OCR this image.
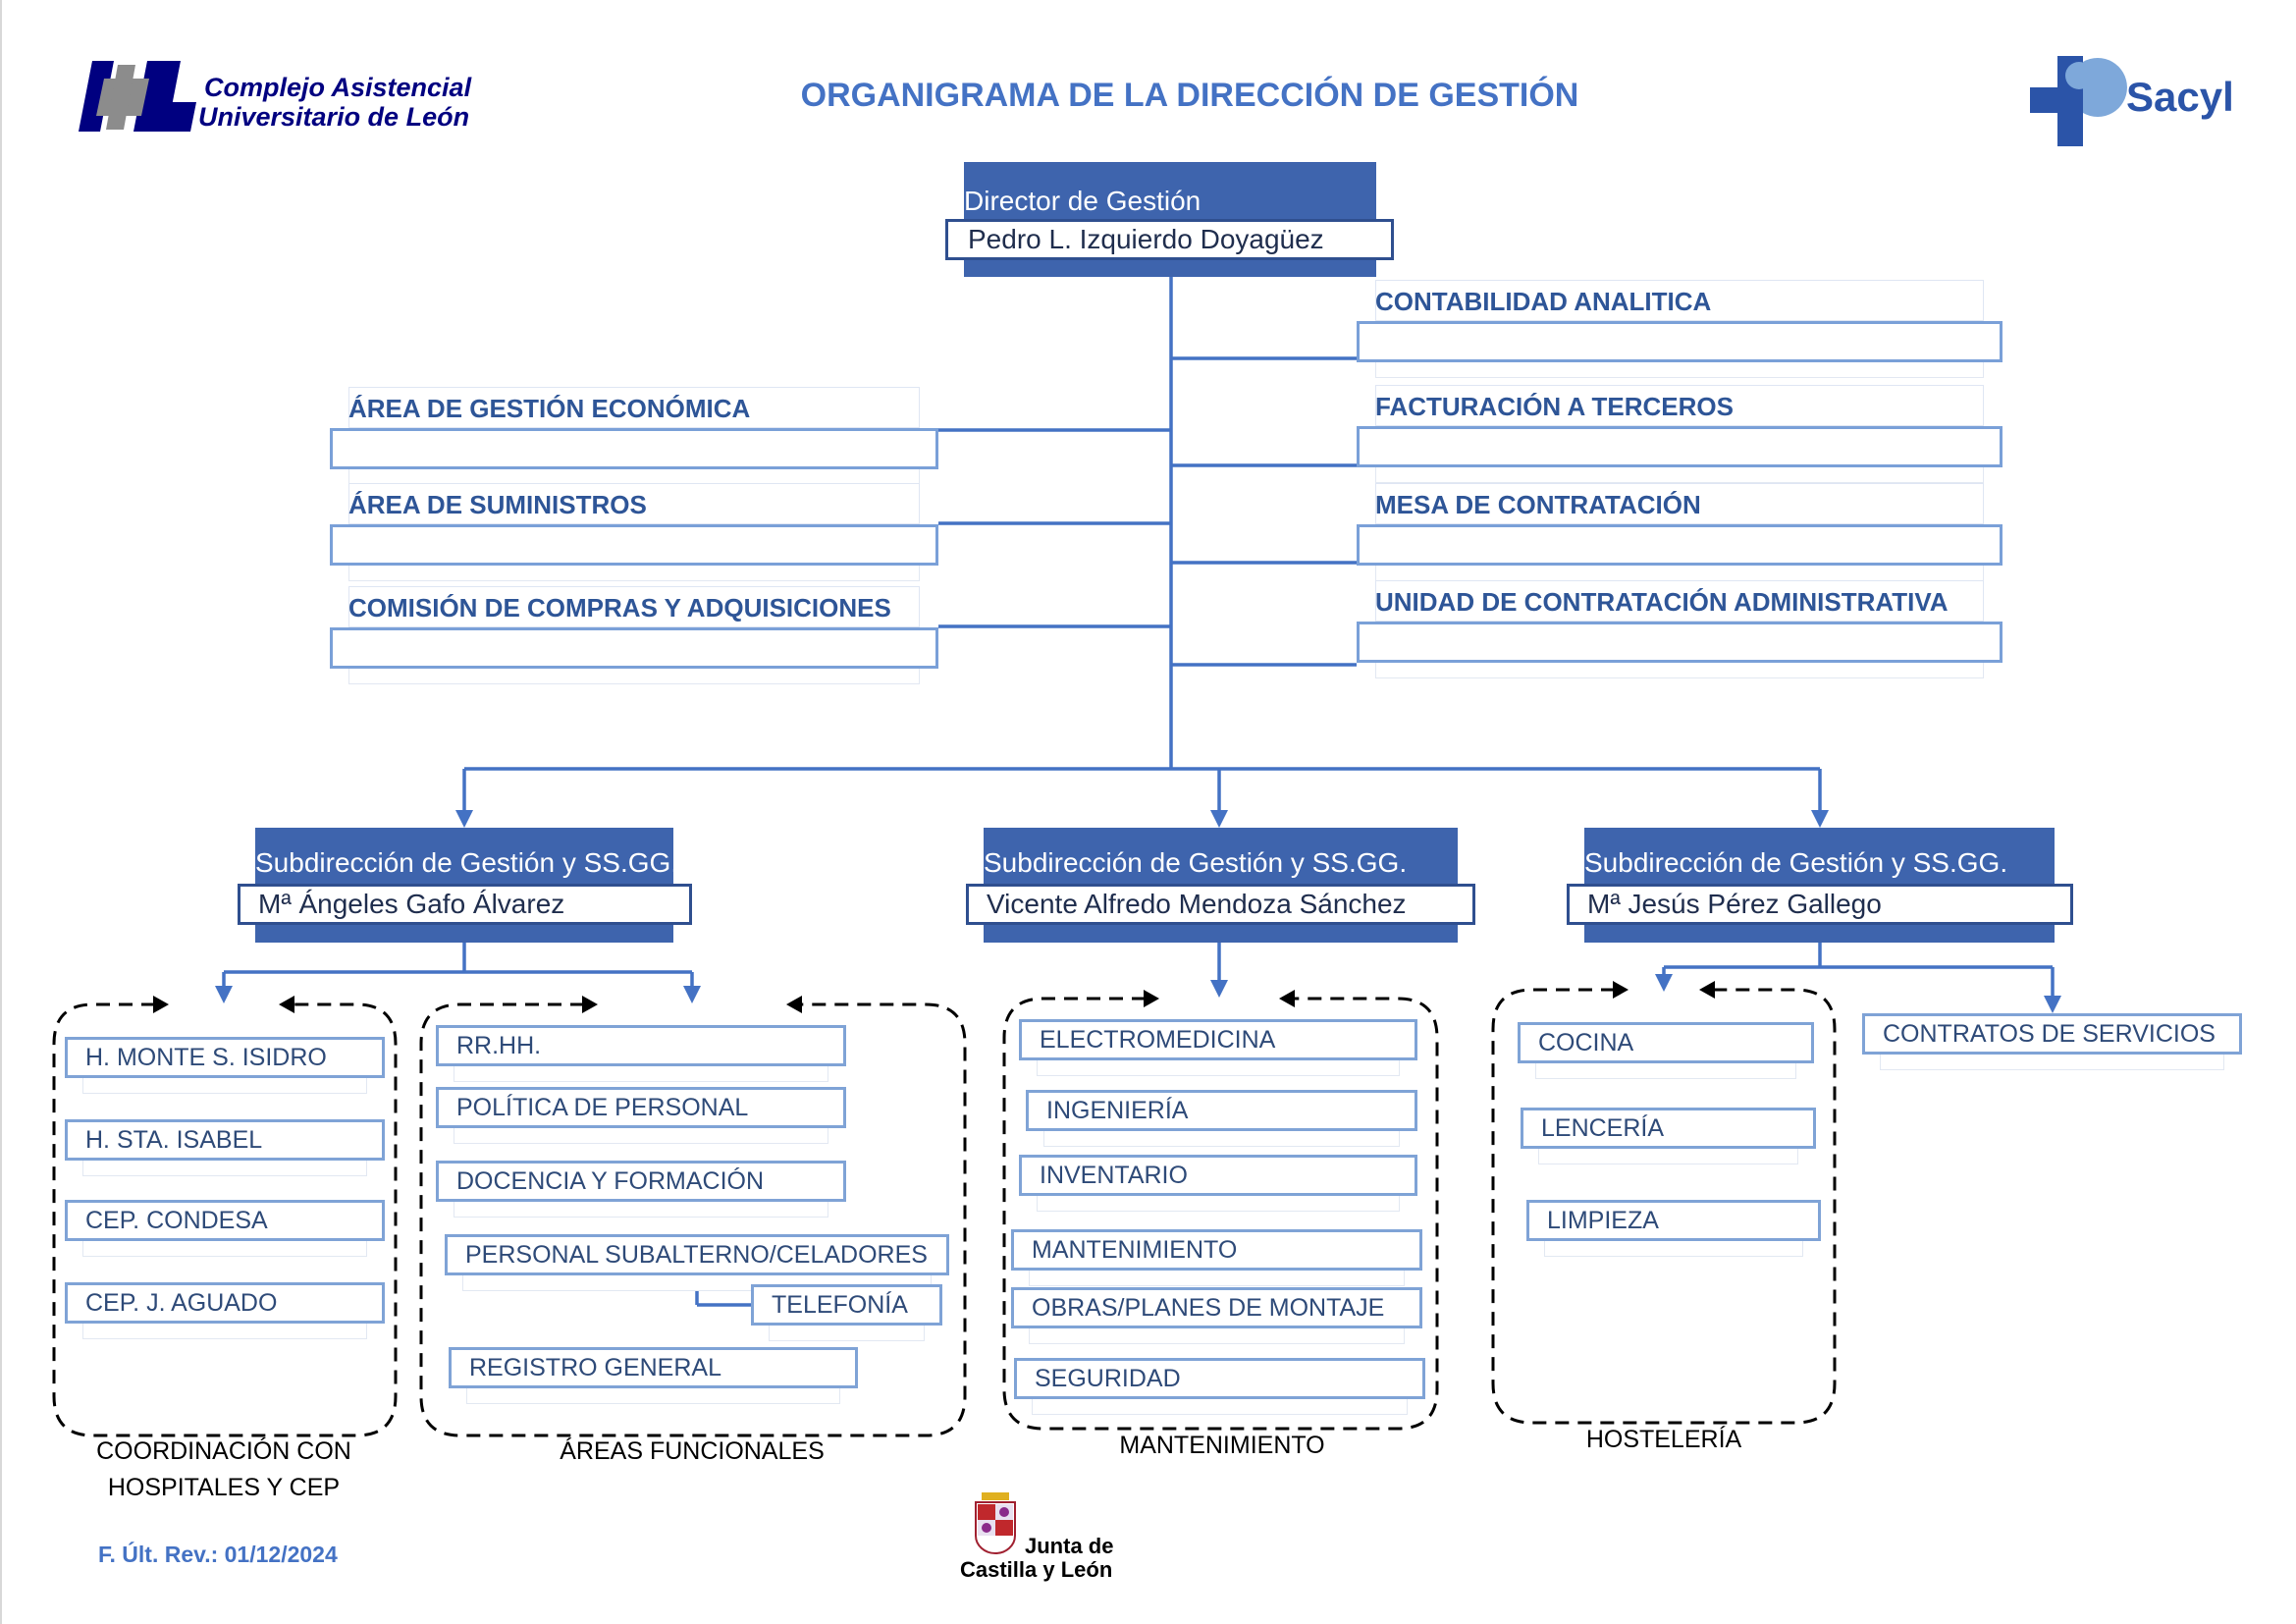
Complejo Asistencial
Universitario de León
ORGANIGRAMA DE LA DIRECCIÓN DE GESTIÓN	Sacyl
Director de Gestión
Pedro L. Izquierdo Doyagüez
ÁREA DE GESTIÓN ECONÓMICA
ÁREA DE SUMINISTROS
COMISIÓN DE COMPRAS Y ADQUISICIONES
CONTABILIDAD ANALITICA
FACTURACIÓN A TERCEROS
MESA DE CONTRATACIÓN
UNIDAD DE CONTRATACIÓN ADMINISTRATIVA
Subdirección de Gestión y SS.GG.
Mª Ángeles Gafo Álvarez
Subdirección de Gestión y SS.GG.
Vicente Alfredo Mendoza Sánchez
Subdirección de Gestión y SS.GG.
Mª Jesús Pérez Gallego
H. MONTE S. ISIDRO
H. STA. ISABEL
CEP. CONDESA
CEP. J. AGUADO
RR.HH.
POLÍTICA DE PERSONAL
DOCENCIA Y FORMACIÓN
PERSONAL SUBALTERNO/CELADORES
TELEFONÍA
REGISTRO GENERAL
ELECTROMEDICINA
INGENIERÍA
INVENTARIO
MANTENIMIENTO
OBRAS/PLANES DE MONTAJE
SEGURIDAD
COCINA
LENCERÍA
LIMPIEZA
CONTRATOS DE SERVICIOS
COORDINACIÓN CON
HOSPITALES Y CEP
ÁREAS FUNCIONALES	MANTENIMIENTO	HOSTELERÍA
F. Últ. Rev.: 01/12/2024	Junta de
Castilla y León
